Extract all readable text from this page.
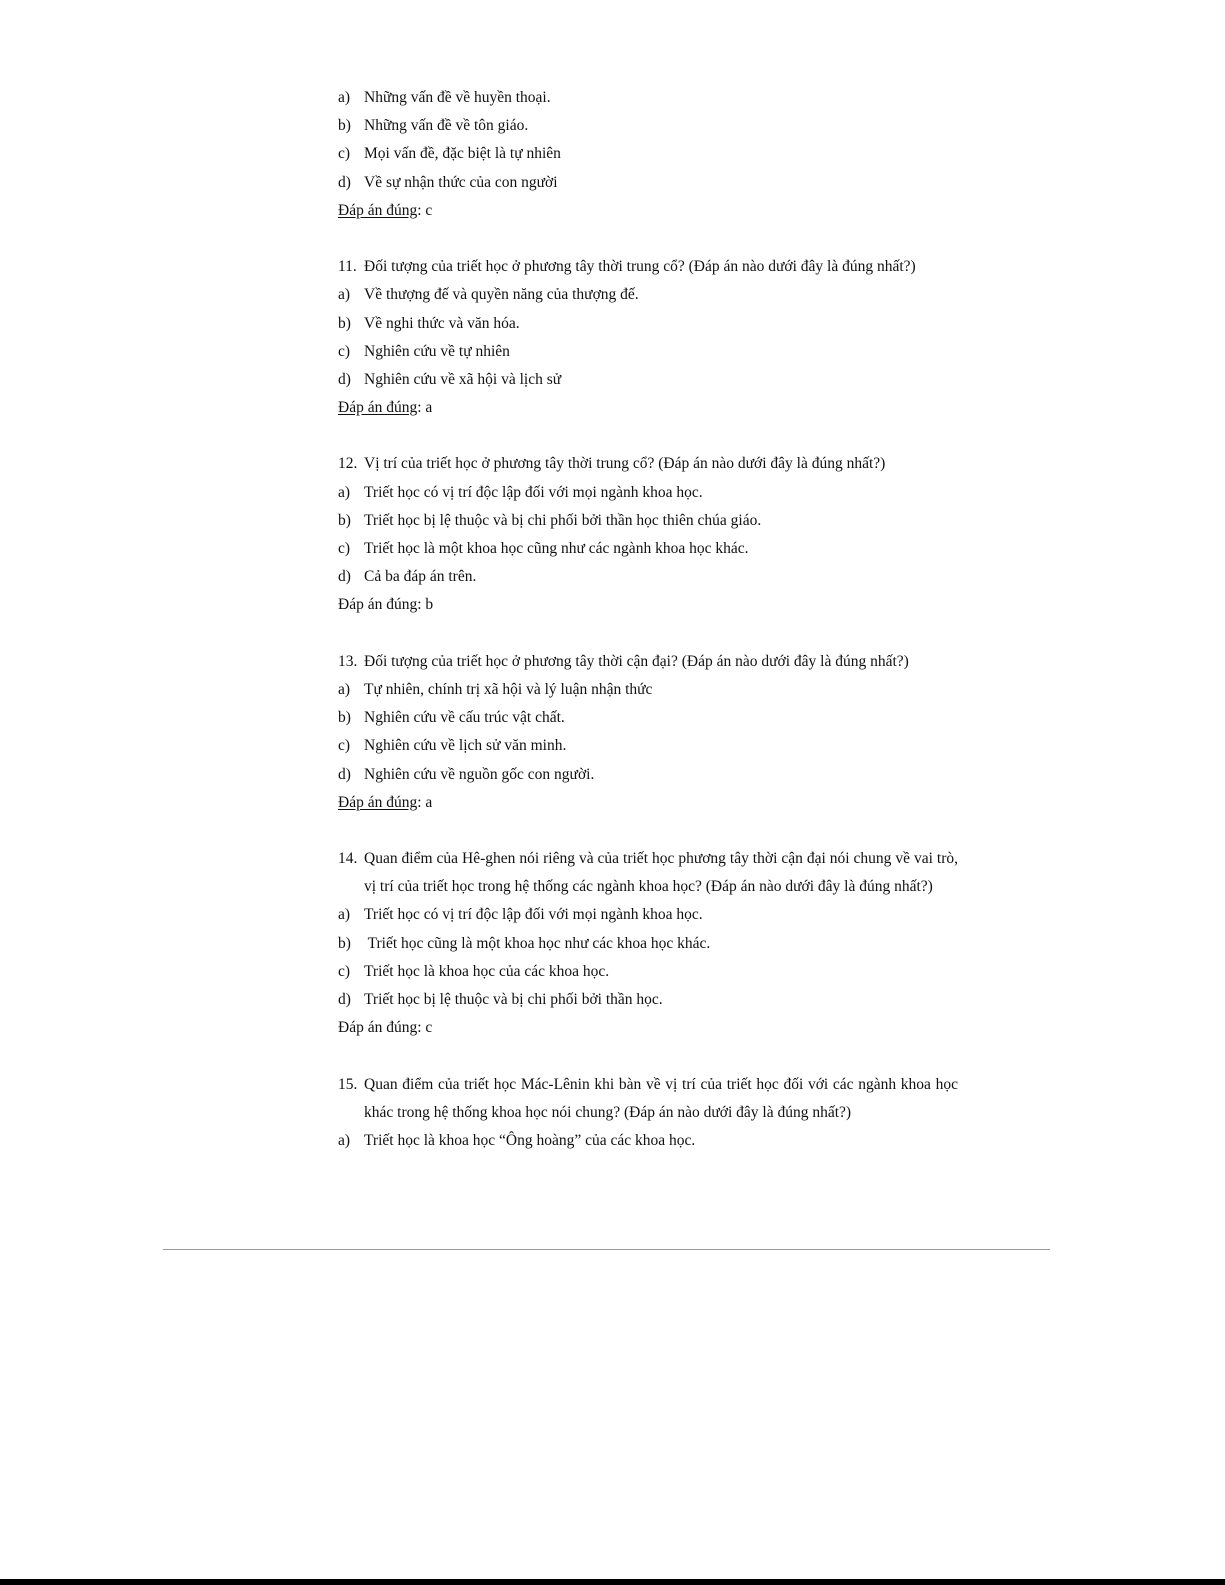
a) Những vấn đề về huyền thoại.
b) Những vấn đề về tôn giáo.
c) Mọi vấn đề, đặc biệt là tự nhiên
d) Về sự nhận thức của con người
Đáp án đúng : c
11. Đối tượng của triết học ở phương tây thời trung cổ? (Đáp án nào dưới đây là đúng nhất?)
a) Về thượng đế và quyền năng của thượng đế.
b) Về nghi thức và văn hóa.
c) Nghiên cứu về tự nhiên
d) Nghiên cứu về xã hội và lịch sử
Đáp án đúng : a
12. Vị trí của triết học ở phương tây thời trung cổ? (Đáp án nào dưới đây là đúng nhất?)
a) Triết học có vị trí độc lập đối với mọi ngành khoa học.
b) Triết học bị lệ thuộc và bị chi phối bởi thần học thiên chúa giáo.
c) Triết học là một khoa học cũng như các ngành khoa học khác.
d) Cả ba đáp án trên.
Đáp án đúng : b
13. Đối tượng của triết học ở phương tây thời cận đại? (Đáp án nào dưới đây là đúng nhất?)
a) Tự nhiên, chính trị xã hội và lý luận nhận thức
b) Nghiên cứu về cấu trúc vật chất.
c) Nghiên cứu về lịch sử văn minh.
d) Nghiên cứu về nguồn gốc con người.
Đáp án đúng : a
14. Quan điểm của Hê-ghen nói riêng và của triết học phương tây thời cận đại nói chung về vai trò, vị trí của triết học trong hệ thống các ngành khoa học? (Đáp án nào dưới đây là đúng nhất?)
a) Triết học có vị trí độc lập đối với mọi ngành khoa học.
b) Triết học cũng là một khoa học như các khoa học khác.
c) Triết học là khoa học của các khoa học.
d) Triết học bị lệ thuộc và bị chi phối bởi thần học.
Đáp án đúng : c
15. Quan điểm của triết học Mác-Lênin khi bàn về vị trí của triết học đối với các ngành khoa học khác trong hệ thống khoa học nói chung? (Đáp án nào dưới đây là đúng nhất?)
a) Triết học là khoa học “Ông hoàng” của các khoa học.
